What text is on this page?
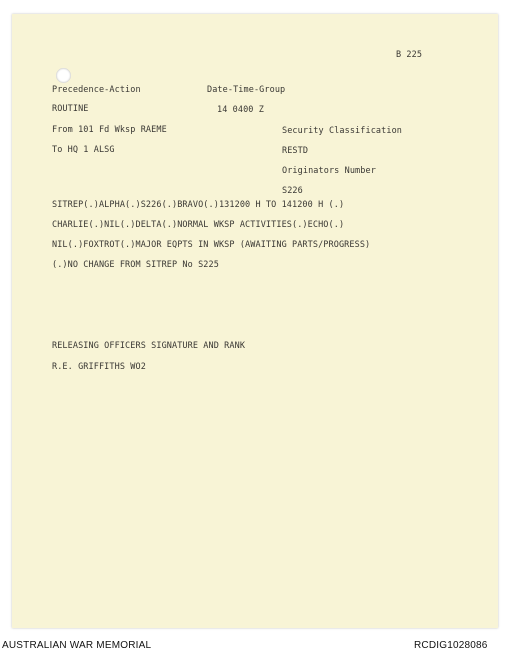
B 225
Precedence-Action	Date-Time-Group
ROUTINE	14 0400 Z
From 101 Fd Wksp RAEME	Security Classification
To HQ 1 ALSG	RESTD
Originators Number
S226
SITREP(.)ALPHA(.)S226(.)BRAVO(.)131200 H TO 141200 H (.)
CHARLIE(.)NIL(.)DELTA(.)NORMAL WKSP ACTIVITIES(.)ECHO(.)
NIL(.)FOXTROT(.)MAJOR EQPTS IN WKSP (AWAITING PARTS/PROGRESS)
(.)NO CHANGE FROM SITREP No S225
RELEASING OFFICERS SIGNATURE AND RANK
R.E. GRIFFITHS WO2
AUSTRALIAN WAR MEMORIAL	RCDIG1028086
